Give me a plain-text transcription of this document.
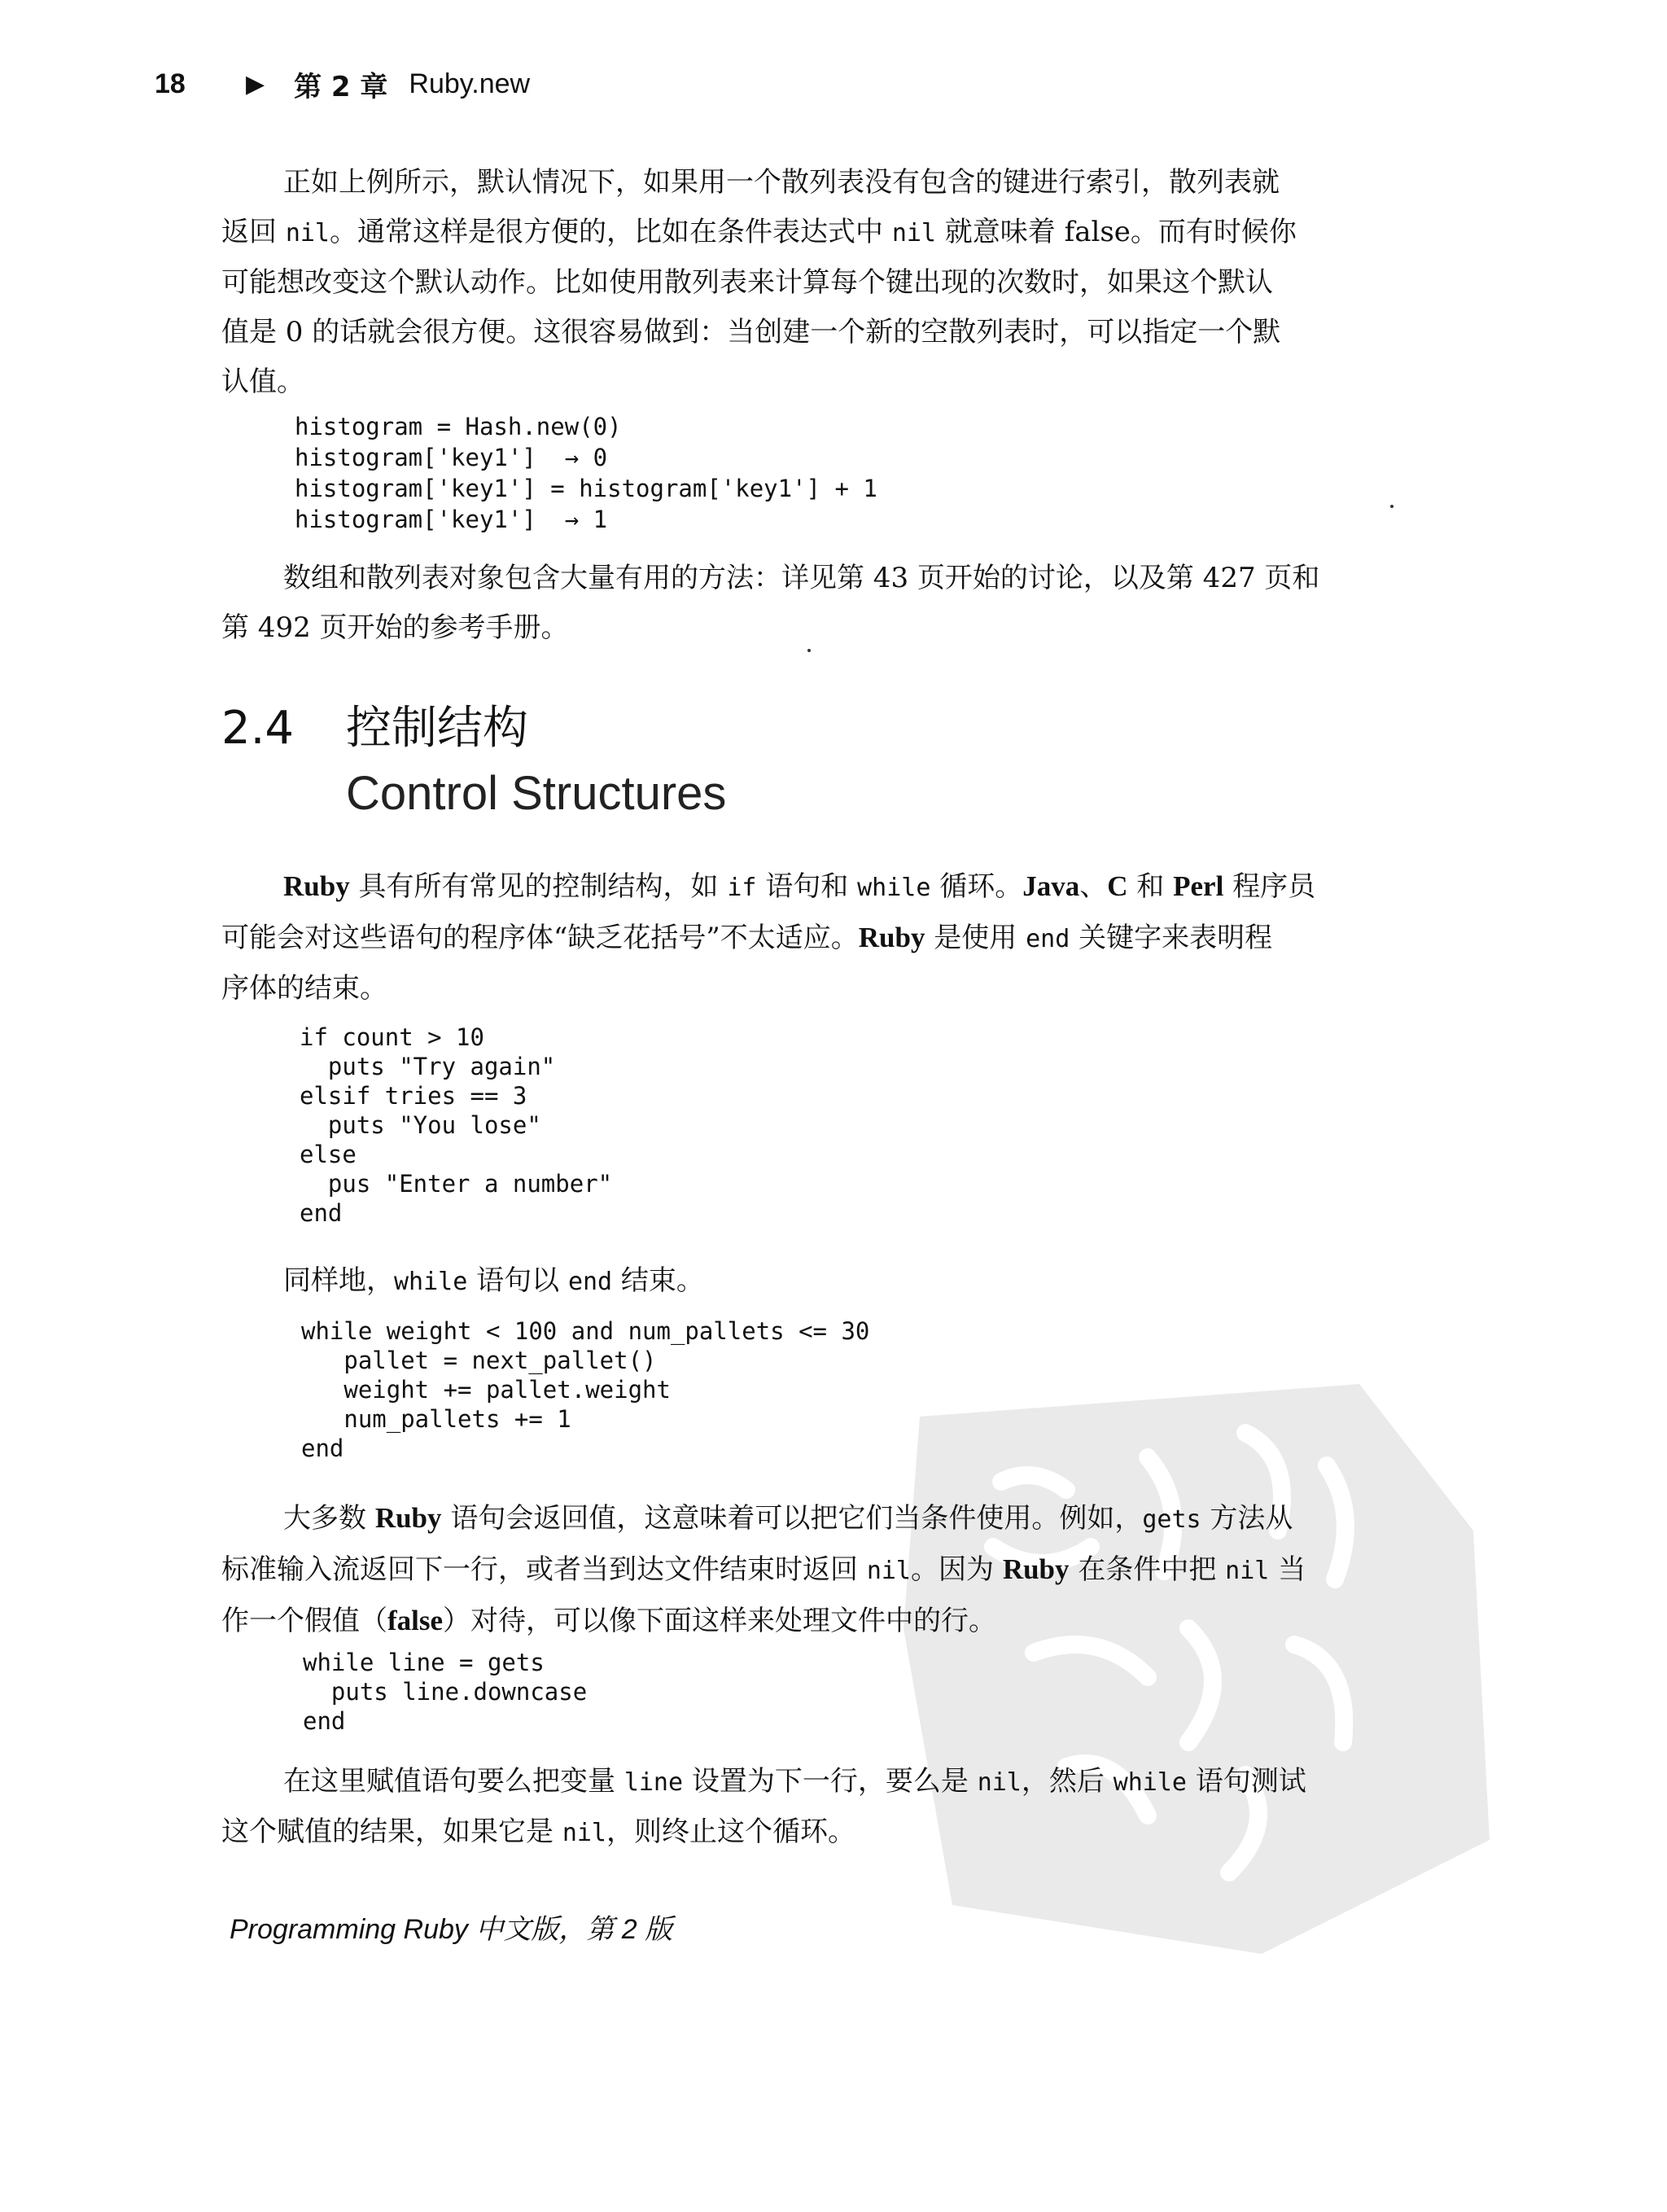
18	▶ 第 2 章 Ruby.new
正如上例所示，默认情况下，如果用一个散列表没有包含的键进行索引，散列表就
返回 nil。通常这样是很方便的，比如在条件表达式中 nil 就意味着 false。而有时候你
可能想改变这个默认动作。比如使用散列表来计算每个键出现的次数时，如果这个默认
值是 0 的话就会很方便。这很容易做到：当创建一个新的空散列表时，可以指定一个默
认值。
histogram = Hash.new(0)
histogram['key1']  → 0
histogram['key1'] = histogram['key1'] + 1
histogram['key1']  → 1
数组和散列表对象包含大量有用的方法：详见第 43 页开始的讨论，以及第 427 页和
第 492 页开始的参考手册。
2.4 控制结构
Control Structures
Ruby 具有所有常见的控制结构，如 if 语句和 while 循环。Java、C 和 Perl 程序员
可能会对这些语句的程序体“缺乏花括号”不太适应。Ruby 是使用 end 关键字来表明程
序体的结束。
if count > 10
puts "Try again"
elsif tries == 3
puts "You lose"
else
pus "Enter a number"
end
同样地，while 语句以 end 结束。
while weight < 100 and num_pallets <= 30
pallet = next_pallet()
weight += pallet.weight
num_pallets += 1
end
大多数 Ruby 语句会返回值，这意味着可以把它们当条件使用。例如，gets 方法从
标准输入流返回下一行，或者当到达文件结束时返回 nil。因为 Ruby 在条件中把 nil 当
作一个假值（false）对待，可以像下面这样来处理文件中的行。
while line = gets
puts line.downcase
end
在这里赋值语句要么把变量 line 设置为下一行，要么是 nil，然后 while 语句测试
这个赋值的结果，如果它是 nil，则终止这个循环。
Programming Ruby 中文版，第 2 版
